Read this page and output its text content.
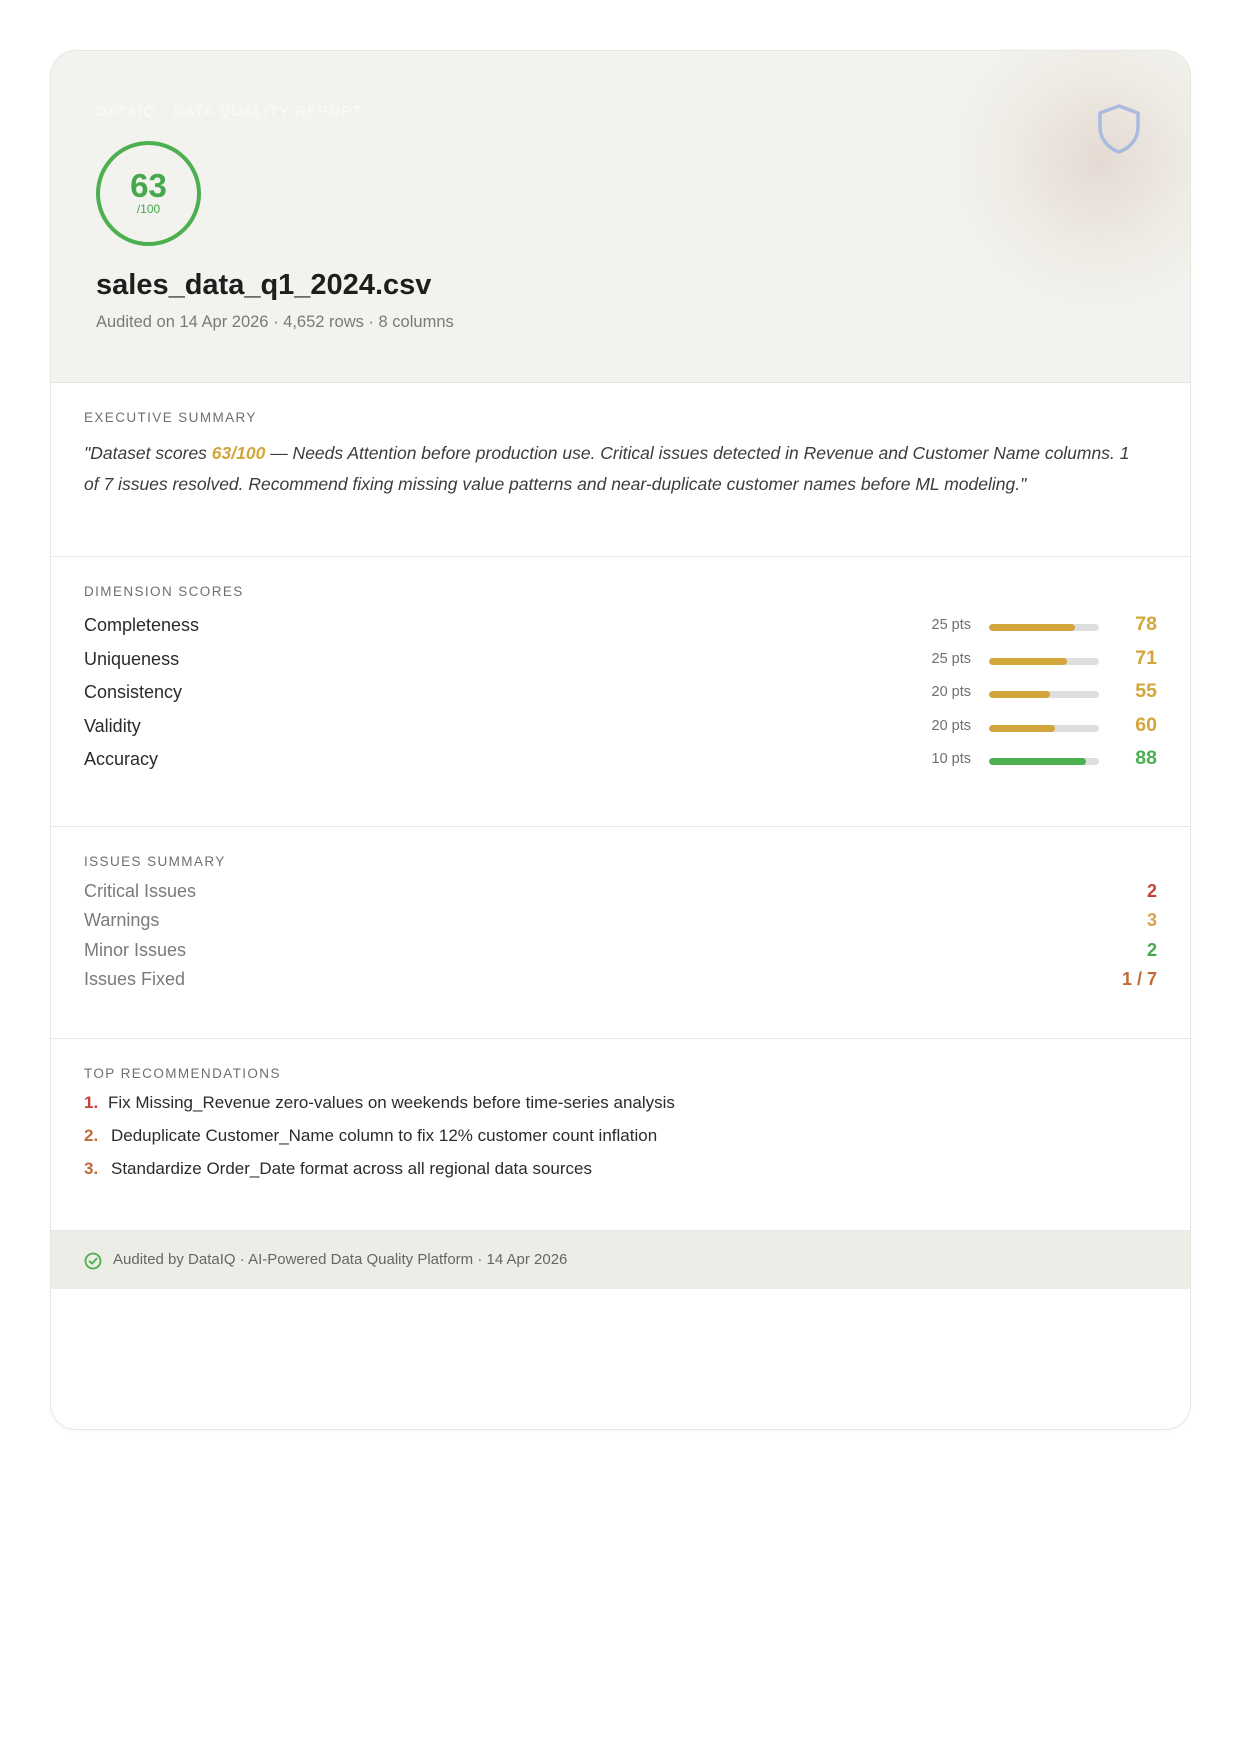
DATAIQ · DATA QUALITY REPORT
63
/100
sales_data_q1_2024.csv
Audited on 14 Apr 2026 · 4,652 rows · 8 columns
EXECUTIVE SUMMARY
"Dataset scores 63/100 — Needs Attention before production use. Critical issues detected in Revenue and Customer Name columns. 1 of 7 issues resolved. Recommend fixing missing value patterns and near-duplicate customer names before ML modeling."
DIMENSION SCORES
Completeness	25 pts	78
Uniqueness	25 pts	71
Consistency	20 pts	55
Validity	20 pts	60
Accuracy	10 pts	88
ISSUES SUMMARY
Critical Issues	2
Warnings	3
Minor Issues	2
Issues Fixed	1 / 7
TOP RECOMMENDATIONS
1. Fix Missing_Revenue zero-values on weekends before time-series analysis
2. Deduplicate Customer_Name column to fix 12% customer count inflation
3. Standardize Order_Date format across all regional data sources
Audited by DataIQ · AI-Powered Data Quality Platform · 14 Apr 2026
